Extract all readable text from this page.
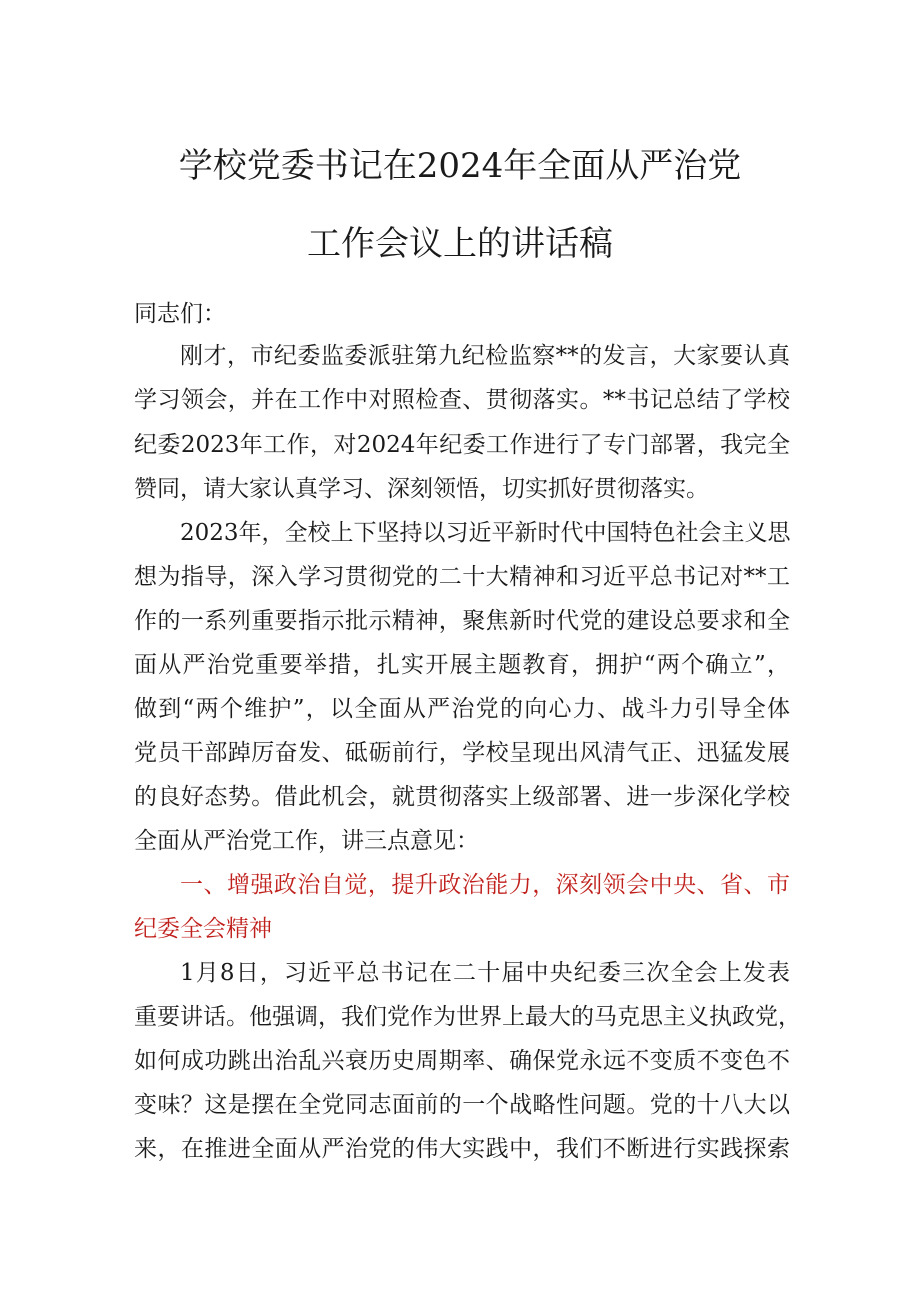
学校党委书记在2024年全面从严治党
工作会议上的讲话稿
同志们：
刚才，市纪委监委派驻第九纪检监察**的发言，大家要认真
学习领会，并在工作中对照检查、贯彻落实。**书记总结了学校
纪委2023年工作，对2024年纪委工作进行了专门部署，我完全
赞同，请大家认真学习、深刻领悟，切实抓好贯彻落实。
2023年，全校上下坚持以习近平新时代中国特色社会主义思
想为指导，深入学习贯彻党的二十大精神和习近平总书记对**工
作的一系列重要指示批示精神，聚焦新时代党的建设总要求和全
面从严治党重要举措，扎实开展主题教育，拥护“两个确立”，
做到“两个维护”，以全面从严治党的向心力、战斗力引导全体
党员干部踔厉奋发、砥砺前行，学校呈现出风清气正、迅猛发展
的良好态势。借此机会，就贯彻落实上级部署、进一步深化学校
全面从严治党工作，讲三点意见：
一、增强政治自觉，提升政治能力，深刻领会中央、省、市
纪委全会精神
1月8日，习近平总书记在二十届中央纪委三次全会上发表
重要讲话。他强调，我们党作为世界上最大的马克思主义执政党，
如何成功跳出治乱兴衰历史周期率、确保党永远不变质不变色不
变味？这是摆在全党同志面前的一个战略性问题。党的十八大以
来，在推进全面从严治党的伟大实践中，我们不断进行实践探索
